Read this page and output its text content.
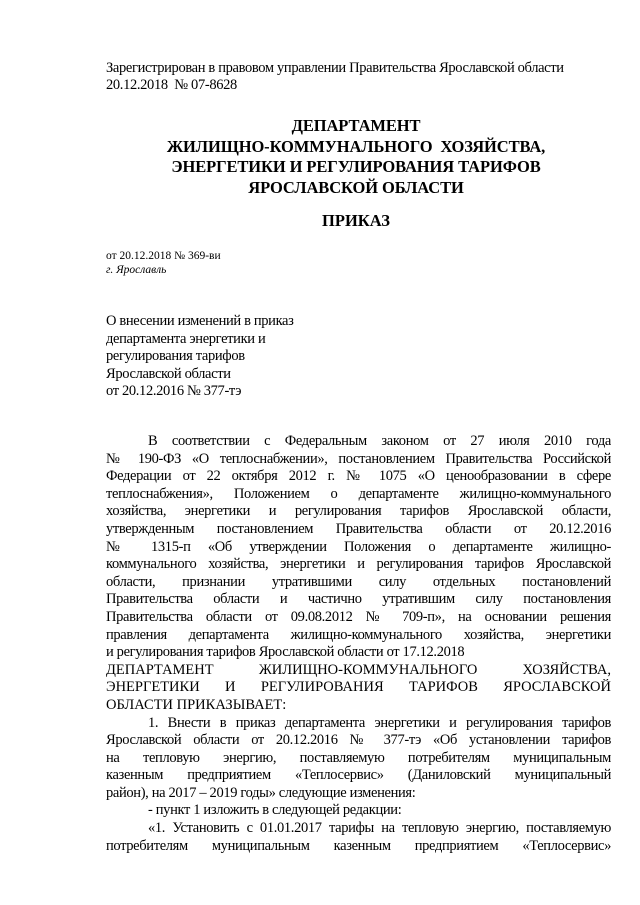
Зарегистрирован в правовом управлении Правительства Ярославской области
20.12.2018  № 07-8628
ДЕПАРТАМЕНТ
ЖИЛИЩНО-КОММУНАЛЬНОГО  ХОЗЯЙСТВА,
ЭНЕРГЕТИКИ И РЕГУЛИРОВАНИЯ ТАРИФОВ
ЯРОСЛАВСКОЙ ОБЛАСТИ
ПРИКАЗ
от 20.12.2018 № 369-ви
г. Ярославль
О внесении изменений в приказ
департамента энергетики и
регулирования тарифов
Ярославской области
от 20.12.2016 № 377-тэ
В соответствии с Федеральным законом от 27 июля 2010 года
№ 190-ФЗ «О теплоснабжении», постановлением Правительства Российской
Федерации от 22 октября 2012 г. № 1075 «О ценообразовании в сфере
теплоснабжения», Положением о департаменте жилищно-коммунального
хозяйства, энергетики и регулирования тарифов Ярославской области,
утвержденным постановлением Правительства области от 20.12.2016
№ 1315-п «Об утверждении Положения о департаменте жилищно-
коммунального хозяйства, энергетики и регулирования тарифов Ярославской
области, признании утратившими силу отдельных постановлений
Правительства области и частично утратившим силу постановления
Правительства области от 09.08.2012 № 709-п», на основании решения
правления департамента жилищно-коммунального хозяйства, энергетики
и регулирования тарифов Ярославской области от 17.12.2018
ДЕПАРТАМЕНТ ЖИЛИЩНО-КОММУНАЛЬНОГО ХОЗЯЙСТВА,
ЭНЕРГЕТИКИ И РЕГУЛИРОВАНИЯ ТАРИФОВ ЯРОСЛАВСКОЙ
ОБЛАСТИ ПРИКАЗЫВАЕТ:
1. Внести в приказ департамента энергетики и регулирования тарифов
Ярославской области от 20.12.2016 № 377-тэ «Об установлении тарифов
на тепловую энергию, поставляемую потребителям муниципальным
казенным предприятием «Теплосервис» (Даниловский муниципальный
район), на 2017 – 2019 годы» следующие изменения:
- пункт 1 изложить в следующей редакции:
«1. Установить с 01.01.2017 тарифы на тепловую энергию, поставляемую
потребителям муниципальным казенным предприятием «Теплосервис»
